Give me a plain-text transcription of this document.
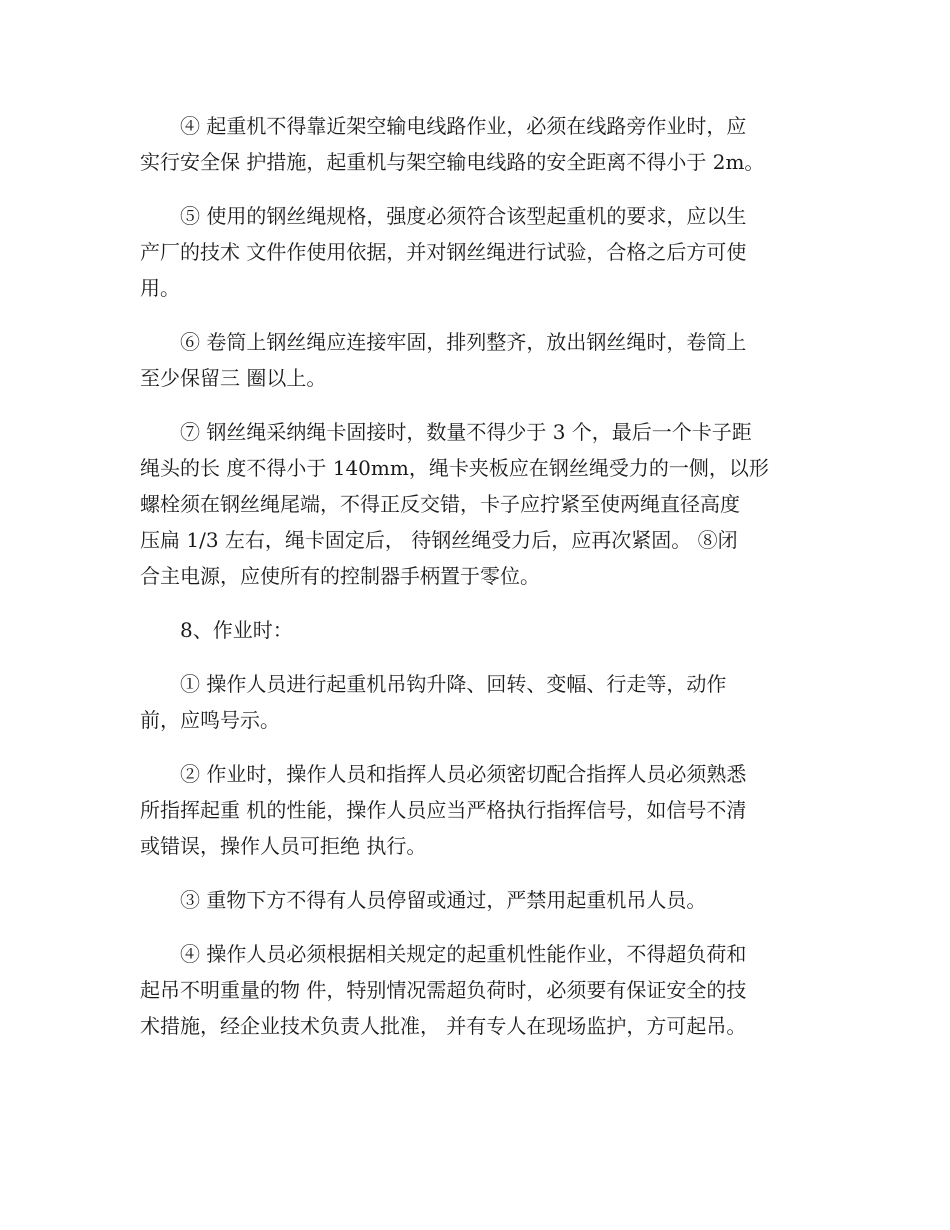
④ 起重机不得靠近架空输电线路作业，必须在线路旁作业时，应
实行安全保 护措施，起重机与架空输电线路的安全距离不得小于 2m。

⑤ 使用的钢丝绳规格，强度必须符合该型起重机的要求，应以生
产厂的技术 文件作使用依据，并对钢丝绳进行试验，合格之后方可使
用。

⑥ 卷筒上钢丝绳应连接牢固，排列整齐，放出钢丝绳时，卷筒上
至少保留三 圈以上。

⑦ 钢丝绳采纳绳卡固接时，数量不得少于 3 个，最后一个卡子距
绳头的长 度不得小于 140mm，绳卡夹板应在钢丝绳受力的一侧，以形
螺栓须在钢丝绳尾端，不得正反交错，卡子应拧紧至使两绳直径高度
压扁 1/3 左右，绳卡固定后， 待钢丝绳受力后，应再次紧固。 ⑧闭
合主电源，应使所有的控制器手柄置于零位。

8、作业时：

① 操作人员进行起重机吊钩升降、回转、变幅、行走等，动作
前，应鸣号示。

② 作业时，操作人员和指挥人员必须密切配合指挥人员必须熟悉
所指挥起重 机的性能，操作人员应当严格执行指挥信号，如信号不清
或错误，操作人员可拒绝 执行。

③ 重物下方不得有人员停留或通过，严禁用起重机吊人员。

④ 操作人员必须根据相关规定的起重机性能作业，不得超负荷和
起吊不明重量的物 件，特别情况需超负荷时，必须要有保证安全的技
术措施，经企业技术负责人批准， 并有专人在现场监护，方可起吊。
